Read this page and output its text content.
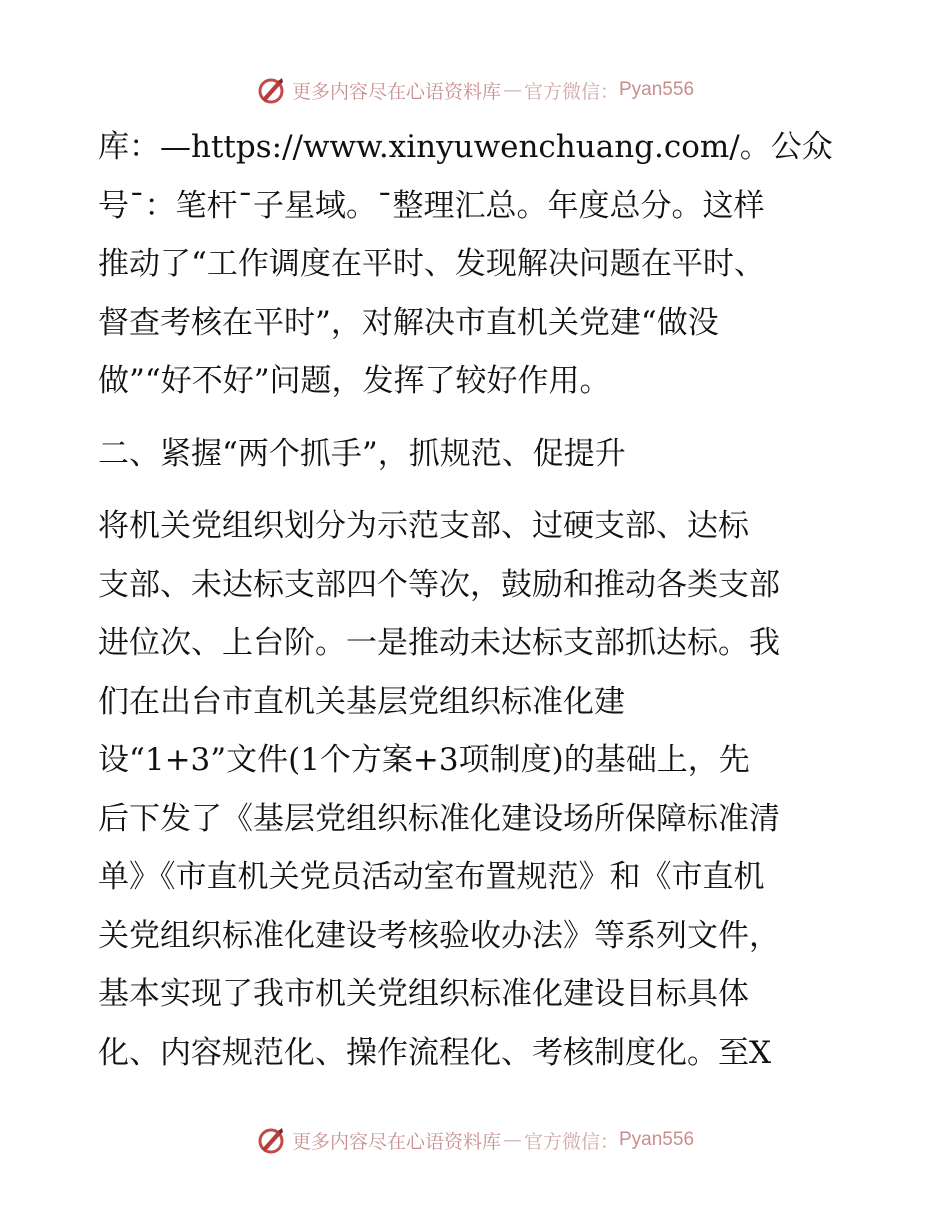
更多内容尽在心语资料库 — 官方微信： Pyan556
库：—https://www.xinyuwenchuang.com/。公众
号¯：笔杆¯子星域。¯整理汇总。年度总分。这样
推动了“工作调度在平时、发现解决问题在平时、
督查考核在平时”，对解决市直机关党建“做没
做”“好不好”问题，发挥了较好作用。
二、紧握“两个抓手”，抓规范、促提升
将机关党组织划分为示范支部、过硬支部、达标
支部、未达标支部四个等次，鼓励和推动各类支部
进位次、上台阶。一是推动未达标支部抓达标。我
们在出台市直机关基层党组织标准化建
设“1+3”文件(1个方案+3项制度)的基础上，先
后下发了《基层党组织标准化建设场所保障标准清
单》《市直机关党员活动室布置规范》和《市直机
关党组织标准化建设考核验收办法》等系列文件，
基本实现了我市机关党组织标准化建设目标具体
化、内容规范化、操作流程化、考核制度化。至X
更多内容尽在心语资料库 — 官方微信： Pyan556
